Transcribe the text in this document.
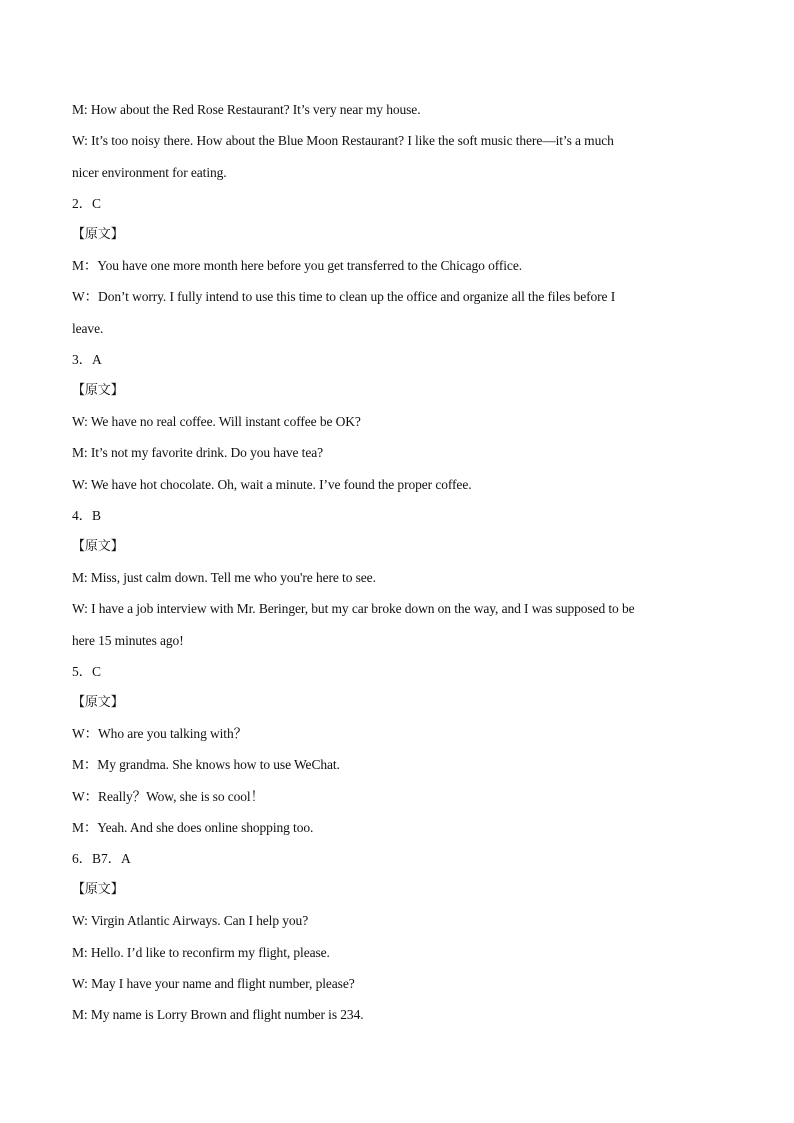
M: How about the Red Rose Restaurant? It’s very near my house.
W: It’s too noisy there. How about the Blue Moon Restaurant? I like the soft music there—it’s a much
nicer environment for eating.
2．C
【原文】
M：You have one more month here before you get transferred to the Chicago office.
W：Don’t worry. I fully intend to use this time to clean up the office and organize all the files before I
leave.
3．A
【原文】
W: We have no real coffee. Will instant coffee be OK?
M: It’s not my favorite drink. Do you have tea?
W: We have hot chocolate. Oh, wait a minute. I’ve found the proper coffee.
4．B
【原文】
M: Miss, just calm down. Tell me who you're here to see.
W: I have a job interview with Mr. Beringer, but my car broke down on the way, and I was supposed to be
here 15 minutes ago!
5．C
【原文】
W：Who are you talking with？
M：My grandma. She knows how to use WeChat.
W：Really？Wow, she is so cool！
M：Yeah. And she does online shopping too.
6．B7．A
【原文】
W: Virgin Atlantic Airways. Can I help you?
M: Hello. I’d like to reconfirm my flight, please.
W: May I have your name and flight number, please?
M: My name is Lorry Brown and flight number is 234.
